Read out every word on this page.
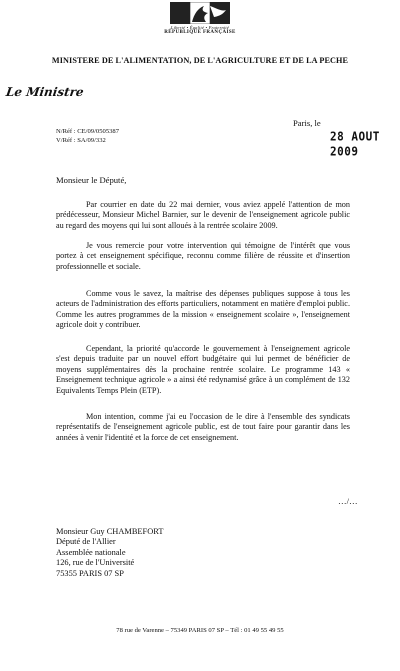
Liberté • Égalité • Fraternité
RÉPUBLIQUE FRANÇAISE
MINISTERE DE L'ALIMENTATION, DE L'AGRICULTURE ET DE LA PECHE
Le Ministre
Paris, le
28 AOUT 2009
N/Réf : CE/09/0505387
V/Réf : SA/09/332
Monsieur le Député,

Par courrier en date du 22 mai dernier, vous aviez appelé l'attention de mon prédécesseur, Monsieur Michel Barnier, sur le devenir de l'enseignement agricole public au regard des moyens qui lui sont alloués à la rentrée scolaire 2009.

Je vous remercie pour votre intervention qui témoigne de l'intérêt que vous portez à cet enseignement spécifique, reconnu comme filière de réussite et d'insertion professionnelle et sociale.

Comme vous le savez, la maîtrise des dépenses publiques suppose à tous les acteurs de l'administration des efforts particuliers, notamment en matière d'emploi public. Comme les autres programmes de la mission « enseignement scolaire », l'enseignement agricole doit y contribuer.

Cependant, la priorité qu'accorde le gouvernement à l'enseignement agricole s'est depuis traduite par un nouvel effort budgétaire qui lui permet de bénéficier de moyens supplémentaires dès la prochaine rentrée scolaire. Le programme 143 « Enseignement technique agricole » a ainsi été redynamisé grâce à un complément de 132 Equivalents Temps Plein (ETP).

Mon intention, comme j'ai eu l'occasion de le dire à l'ensemble des syndicats représentatifs de l'enseignement agricole public, est de tout faire pour garantir dans les années à venir l'identité et la force de cet enseignement.

…/…
Monsieur Guy CHAMBEFORT
Député de l'Allier
Assemblée nationale
126, rue de l'Université
75355 PARIS 07 SP
78 rue de Varenne – 75349 PARIS 07 SP – Tél : 01 49 55 49 55
